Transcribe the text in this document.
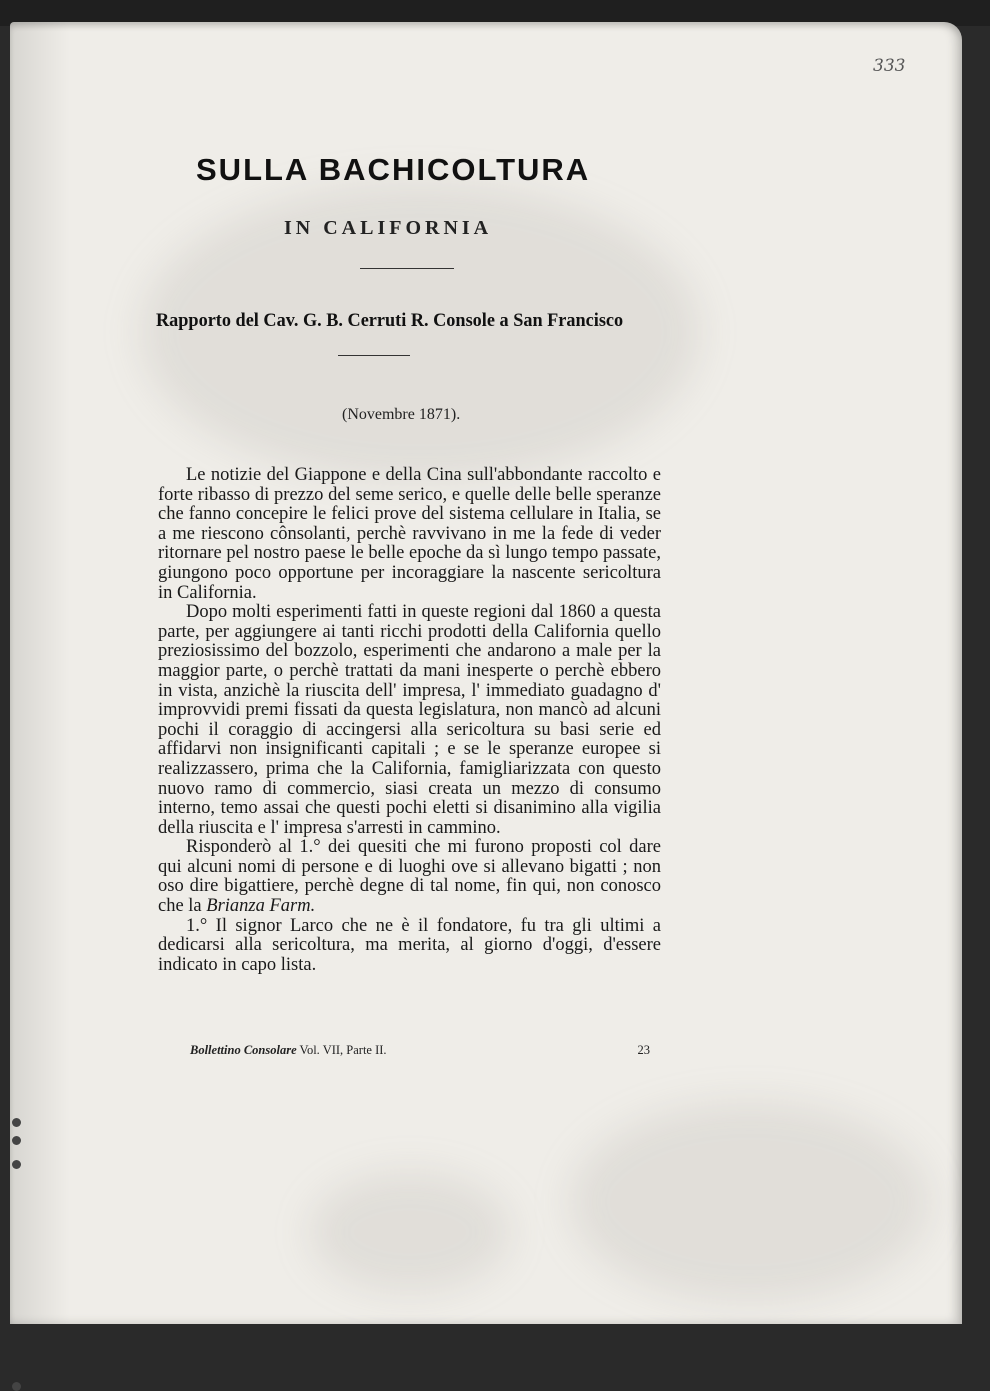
333
SULLA BACHICOLTURA
IN CALIFORNIA
Rapporto del Cav. G. B. Cerruti R. Console a San Francisco
(Novembre 1871).

Le notizie del Giappone e della Cina sull'abbondante raccolto e forte ribasso di prezzo del seme serico, e quelle delle belle speranze che fanno concepire le felici prove del sistema cellulare in Italia, se a me riescono cônsolanti, perchè ravvivano in me la fede di veder ritornare pel nostro paese le belle epoche da sì lungo tempo passate, giungono poco opportune per incoraggiare la nascente sericoltura in California.

Dopo molti esperimenti fatti in queste regioni dal 1860 a questa parte, per aggiungere ai tanti ricchi prodotti della California quello preziosissimo del bozzolo, esperimenti che andarono a male per la maggior parte, o perchè trattati da mani inesperte o perchè ebbero in vista, anzichè la riuscita dell' impresa, l' immediato guadagno d' improvvidi premi fissati da questa legislatura, non mancò ad alcuni pochi il coraggio di accingersi alla sericoltura su basi serie ed affidarvi non insignificanti capitali ; e se le speranze europee si realizzassero, prima che la California, famigliarizzata con questo nuovo ramo di commercio, siasi creata un mezzo di consumo interno, temo assai che questi pochi eletti si disanimino alla vigilia della riuscita e l' impresa s'arresti in cammino.

Risponderò al 1.° dei quesiti che mi furono proposti col dare qui alcuni nomi di persone e di luoghi ove si allevano bigatti ; non oso dire bigattiere, perchè degne di tal nome, fin qui, non conosco che la Brianza Farm.

1.° Il signor Larco che ne è il fondatore, fu tra gli ultimi a dedicarsi alla sericoltura, ma merita, al giorno d'oggi, d'essere indicato in capo lista.

Bollettino Consolare Vol. VII, Parte II.	23
